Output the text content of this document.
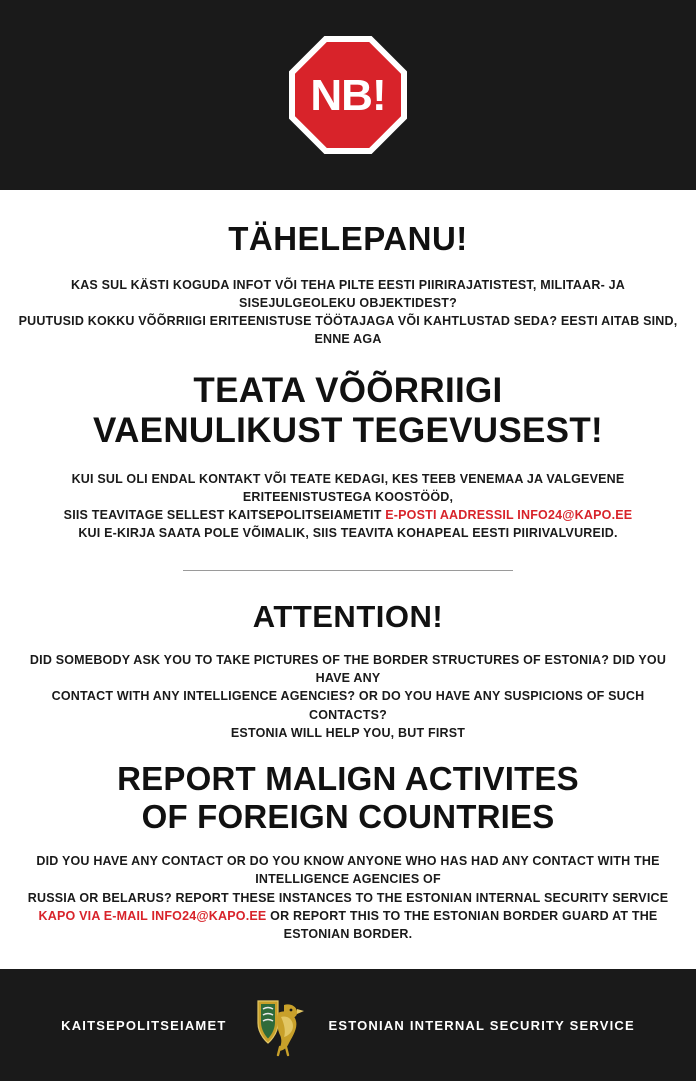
NB!
TÄHELEPANU!
KAS SUL KÄSTI KOGUDA INFOT VÕI TEHA PILTE EESTI PIIRIRAJATISTEST, MILITAAR- JA SISEJULGEOLEKU OBJEKTIDEST?
PUUTUSID KOKKU VÕÕRRIIGI ERITEENISTUSE TÖÖTAJAGA VÕI KAHTLUSTAD SEDA? EESTI AITAB SIND, ENNE AGA
TEATA VÕÕRRIIGI
VAENULIKUST TEGEVUSEST!
KUI SUL OLI ENDAL KONTAKT VÕI TEATE KEDAGI, KES TEEB VENEMAA JA VALGEVENE ERITEENISTUSTEGA KOOSTÖÖD,
SIIS TEAVITAGE SELLEST KAITSEPOLITSEIAMETIT E-POSTI AADRESSIL INFO24@KAPO.EE
KUI E-KIRJA SAATA POLE VÕIMALIK, SIIS TEAVITA KOHAPEAL EESTI PIIRIVALVUREID.
ATTENTION!
DID SOMEBODY ASK YOU TO TAKE PICTURES OF THE BORDER STRUCTURES OF ESTONIA? DID YOU HAVE ANY
CONTACT WITH ANY INTELLIGENCE AGENCIES? OR DO YOU HAVE ANY SUSPICIONS OF SUCH CONTACTS?
ESTONIA WILL HELP YOU, BUT FIRST
REPORT MALIGN ACTIVITES
OF FOREIGN COUNTRIES
DID YOU HAVE ANY CONTACT OR DO YOU KNOW ANYONE WHO HAS HAD ANY CONTACT WITH THE INTELLIGENCE AGENCIES OF
RUSSIA OR BELARUS? REPORT THESE INSTANCES TO THE ESTONIAN INTERNAL SECURITY SERVICE
KAPO VIA E-MAIL INFO24@KAPO.EE OR REPORT THIS TO THE ESTONIAN BORDER GUARD AT THE ESTONIAN BORDER.
KAITSEPOLITSEIAMET	ESTONIAN INTERNAL SECURITY SERVICE
